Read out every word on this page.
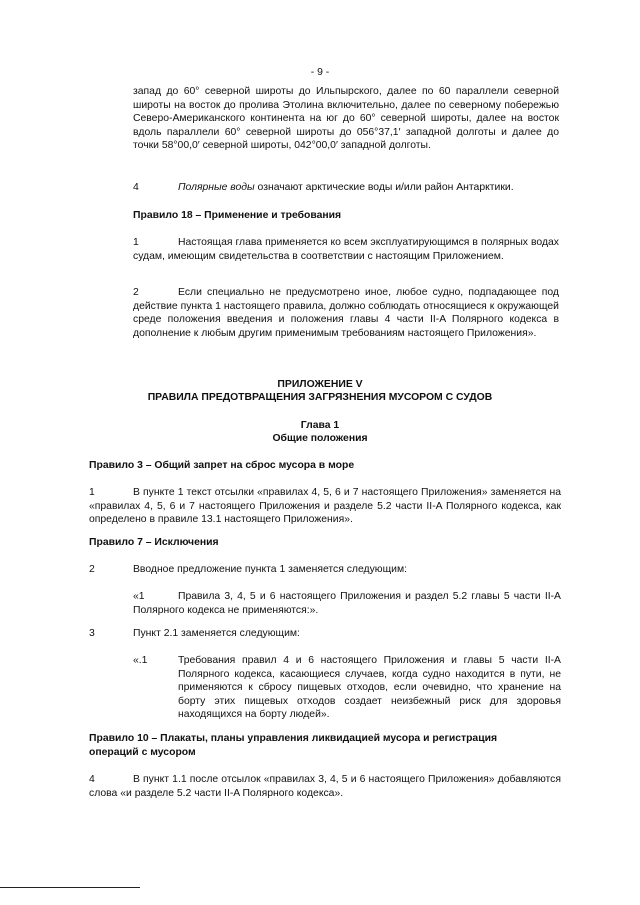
- 9 -
запад до 60° северной широты до Ильпырского, далее по 60 параллели северной широты на восток до пролива Этолина включительно, далее по северному побережью Северо-Американского континента на юг до 60° северной широты, далее на восток вдоль параллели 60° северной широты до 056°37,1′ западной долготы и далее до точки 58°00,0′ северной широты, 042°00,0′ западной долготы.
4	Полярные воды означают арктические воды и/или район Антарктики.
Правило 18 – Применение и требования
1	Настоящая глава применяется ко всем эксплуатирующимся в полярных водах судам, имеющим свидетельства в соответствии с настоящим Приложением.
2	Если специально не предусмотрено иное, любое судно, подпадающее под действие пункта 1 настоящего правила, должно соблюдать относящиеся к окружающей среде положения введения и положения главы 4 части II-A Полярного кодекса в дополнение к любым другим применимым требованиям настоящего Приложения».
ПРИЛОЖЕНИЕ V
ПРАВИЛА ПРЕДОТВРАЩЕНИЯ ЗАГРЯЗНЕНИЯ МУСОРОМ С СУДОВ
Глава 1
Общие положения
Правило 3 – Общий запрет на сброс мусора в море
1	В пункте 1 текст отсылки «правилах 4, 5, 6 и 7 настоящего Приложения» заменяется на «правилах 4, 5, 6 и 7 настоящего Приложения и разделе 5.2 части II-A Полярного кодекса, как определено в правиле 13.1 настоящего Приложения».
Правило 7 – Исключения
2	Вводное предложение пункта 1 заменяется следующим:
«1	Правила 3, 4, 5 и 6 настоящего Приложения и раздел 5.2 главы 5 части II-A Полярного кодекса не применяются:».
3	Пункт 2.1 заменяется следующим:
«.1	Требования правил 4 и 6 настоящего Приложения и главы 5 части II-A Полярного кодекса, касающиеся случаев, когда судно находится в пути, не применяются к сбросу пищевых отходов, если очевидно, что хранение на борту этих пищевых отходов создает неизбежный риск для здоровья находящихся на борту людей».
Правило 10 – Плакаты, планы управления ликвидацией мусора и регистрация
операций с мусором
4	В пункт 1.1 после отсылок «правилах 3, 4, 5 и 6 настоящего Приложения» добавляются слова «и разделе 5.2 части II-A Полярного кодекса».
